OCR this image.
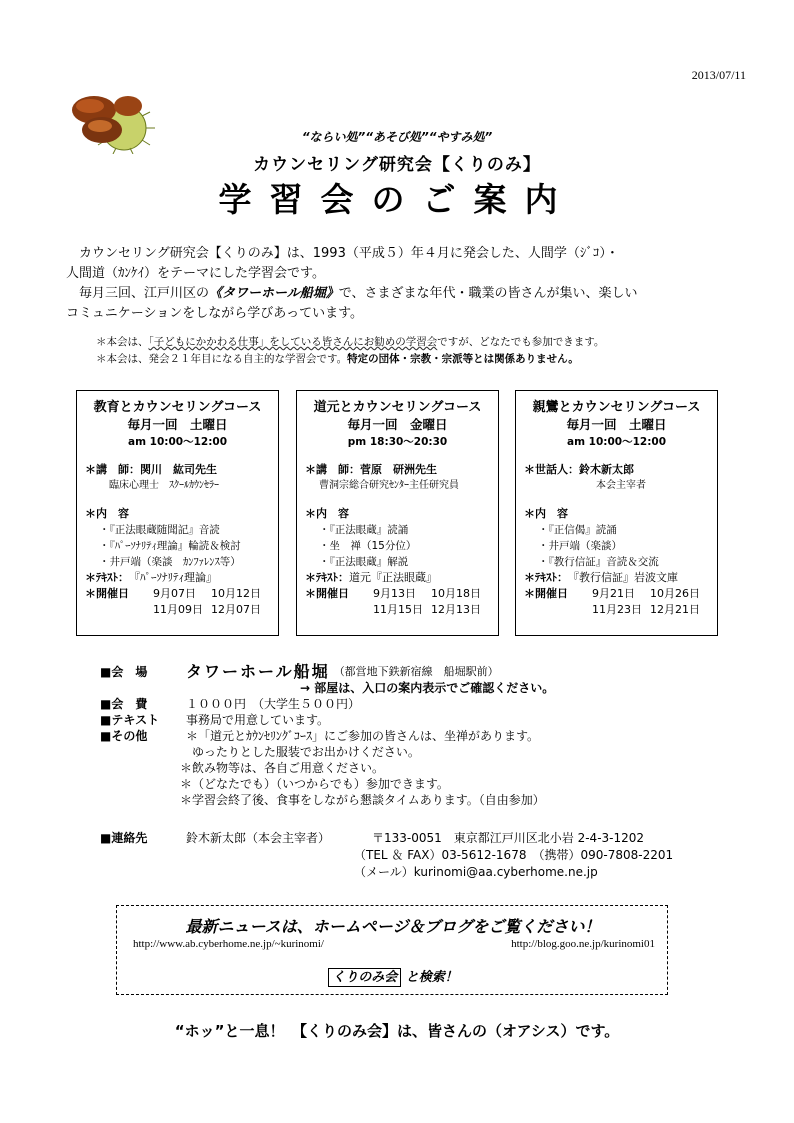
2013/07/11
“ならい処”“あそび処”“やすみ処”
カウンセリング研究会【くりのみ】
学習会のご案内

　カウンセリング研究会【くりのみ】は、1993（平成５）年４月に発会した、人間学（ｼﾞｺ）・

人間道（ｶﾝｹｲ）をテーマにした学習会です。

　毎月三回、江戸川区の《タワーホール船堀》で、さまざまな年代・職業の皆さんが集い、楽しい

コミュニケーションをしながら学びあっています。

＊本会は、「子どもにかかわる仕事」をしている皆さんにお勧めの学習会ですが、どなたでも参加できます。
＊本会は、発会２１年目になる自主的な学習会です。特定の団体・宗教・宗派等とは関係ありません。
教育とカウンセリングコース
毎月一回　土曜日
am 10:00～12:00
＊講　師： 関川　紘司先生
臨床心理士　ｽｸｰﾙｶｳﾝｾﾗｰ
＊内　容
・『正法眼蔵随聞記』音読
・『ﾊﾟｰｿﾅﾘﾃｨ理論』輪読＆検討
・井戸端（楽談　ｶﾝﾌｧﾚﾝｽ等）
＊ﾃｷｽﾄ： 『ﾊﾟｰｿﾅﾘﾃｨ理論』
＊開催日	9月07日	10月12日
11月09日 12月07日
道元とカウンセリングコース
毎月一回　金曜日
pm 18:30～20:30
＊講　師： 菅原　研洲先生
曹洞宗総合研究ｾﾝﾀｰ主任研究員
＊内　容
・『正法眼蔵』読誦
・坐　禅（15分位）
・『正法眼蔵』解説
＊ﾃｷｽﾄ： 道元『正法眼蔵』
＊開催日	9月13日	10月18日
11月15日 12月13日
親鸞とカウンセリングコース
毎月一回　土曜日
am 10:00～12:00
＊世話人： 鈴木新太郎
本会主宰者
＊内　容
・『正信偈』読誦
・井戸端（楽談）
・『教行信証』音読＆交流
＊ﾃｷｽﾄ： 『教行信証』岩波文庫
＊開催日	9月21日	10月26日
11月23日 12月21日
■会　場	タワーホール船堀 （都営地下鉄新宿線　船堀駅前）
→ 部屋は、入口の案内表示でご確認ください。
■会　費	１０００円　（大学生５００円）
■テキスト	事務局で用意しています。
■その他	＊「道元とｶｳﾝｾﾘﾝｸﾞｺｰｽ」にご参加の皆さんは、坐禅があります。
　ゆったりとした服装でお出かけください。
＊飲み物等は、各自ご用意ください。
＊（どなたでも）（いつからでも）参加できます。
＊学習会終了後、食事をしながら懇談タイムあります。（自由参加）
■連絡先	鈴木新太郎（本会主宰者）	〒133-0051　東京都江戸川区北小岩 2-4-3-1202
（TEL ＆ FAX）03-5612-1678　（携帯）090-7808-2201
（メール）kurinomi@aa.cyberhome.ne.jp
最新ニュースは、ホームページ＆ブログをご覧ください！
http://www.ab.cyberhome.ne.jp/~kurinomi/	http://blog.goo.ne.jp/kurinomi01
くりのみ会 と検索！
“ホッ”と一息！　【くりのみ会】は、皆さんの（オアシス）です。
